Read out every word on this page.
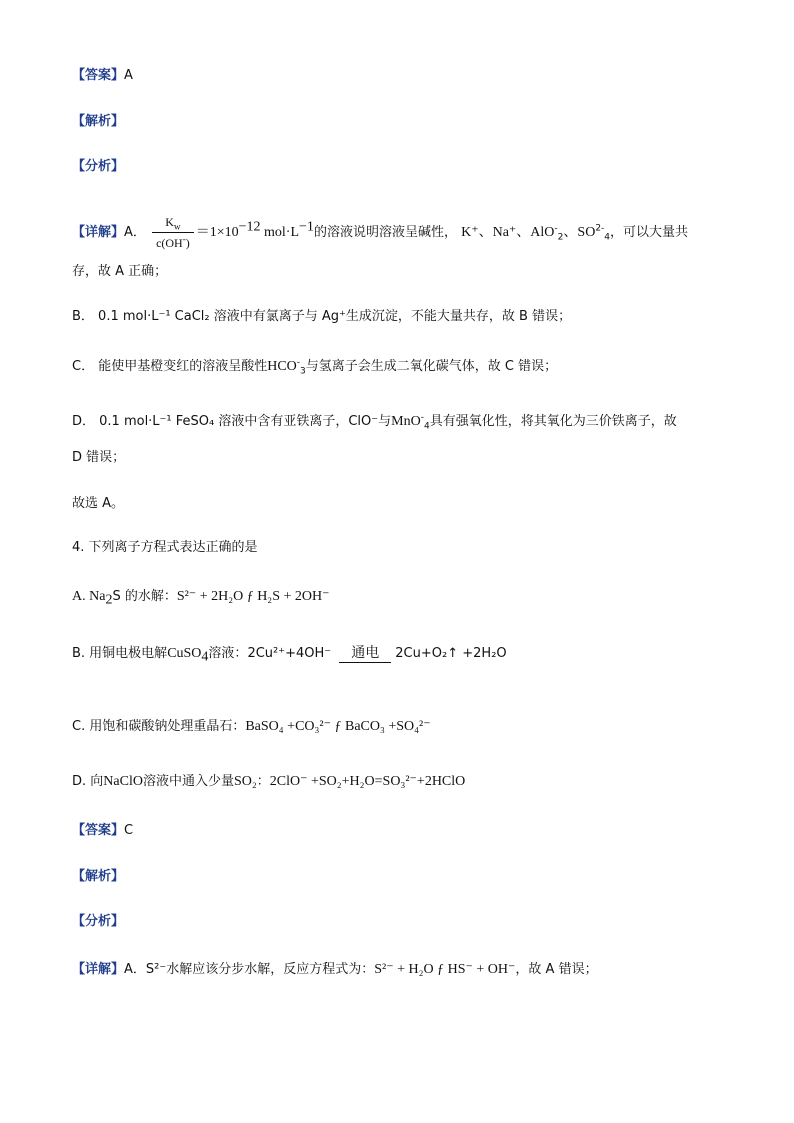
【答案】A
【解析】
【分析】
【详解】A． $\frac{K_w}{c(OH^-)} =1\times 10^{-12}$ $mol\cdot L^{-1}$的溶液说明溶液呈碱性， K⁺、Na⁺、AlO-$_2$、$SO^{2-}_4$，可以大量共
存，故 A 正确；
B． 0.1 mol·L⁻¹ CaCl₂ 溶液中有氯离子与 Ag⁺生成沉淀，不能大量共存，故 B 错误；
C． 能使甲基橙变红的溶液呈酸性$HCO^-_3$与氢离子会生成二氧化碳气体，故 C 错误；
D． 0.1 mol·L⁻¹ FeSO₄ 溶液中含有亚铁离子，ClO⁻与MnO-$_4$具有强氧化性，将其氧化为三价铁离子，故
D 错误；
故选 A。
4. 下列离子方程式表达正确的是
A. $Na_2S$ 的水解：S²⁻ + 2H₂O ƒ H₂S + 2OH⁻
B. 用铜电极电解CuSO$_4$溶液：2Cu²⁺+4OH⁻	通电	2Cu+O₂↑ +2H₂O
C. 用饱和碳酸钠处理重晶石：BaSO₄ +CO₃²⁻ ƒ BaCO₃ +SO₄²⁻
D. 向NaClO溶液中通入少量SO₂：2ClO⁻ +SO₂+H₂O=SO₃²⁻+2HClO
【答案】C
【解析】
【分析】
【详解】A．S²⁻水解应该分步水解，反应方程式为：S²⁻ + H₂O ƒ HS⁻ + OH⁻，故 A 错误；
